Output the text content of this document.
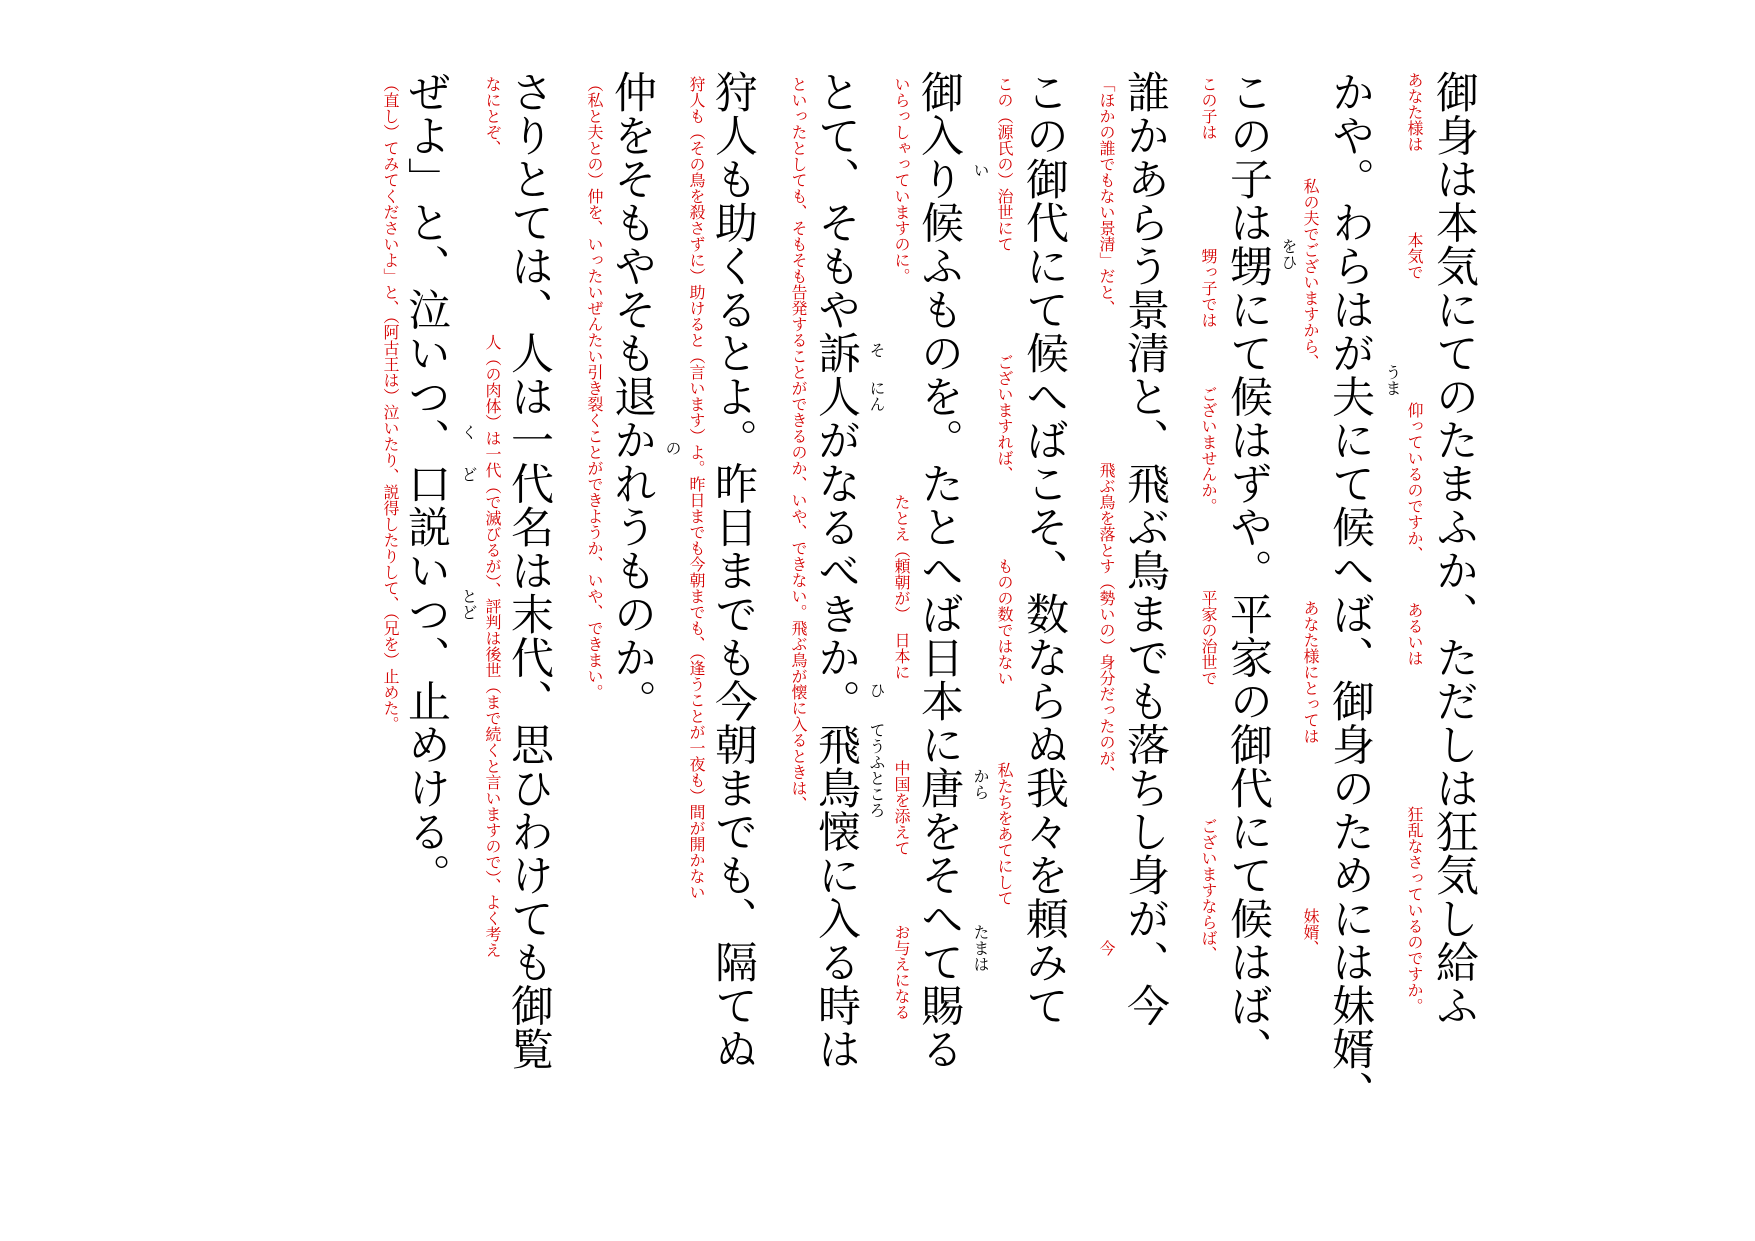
御身は本気にてのたまふか、ただしは狂気し給ふ
かや。わらはが夫にて候へば、御身のためには妹婿、
この子は甥にて候はずや。平家の御代にて候はば、
誰かあらう景清と、飛ぶ鳥までも落ちし身が、今
この御代にて候へばこそ、数ならぬ我々を頼みて
御入り候ふものを。たとへば日本に唐をそへて賜る
とて、そもや訴人がなるべきか。飛鳥懐に入る時は
狩人も助くるとよ。昨日までも今朝までも、隔てぬ
仲をそもやそも退かれうものか。
さりとては、人は一代名は末代、思ひわけても御覧
ぜよ」と、泣いつ、口説いつ、止めける。	あなた様は
本気で
仰っているのですか、
あるいは
狂乱なさっているのですか。
私の夫でございますから、
あなた様にとっては
妹婿、
この子は
甥っ子では
ございませんか。
平家の治世で
ございますならば、
「ほかの誰でもない景清」だと、
飛ぶ鳥を落とす（勢いの）身分だったのが、
今
この（源氏の）治世にて
ございますれば、
ものの数ではない
私たちをあてにして
いらっしゃっていますのに。
たとえ（頼朝が）
日本に
中国を添えて
お与えになる
といったとしても、そもそも告発することができるのか、いや、できない。飛ぶ鳥が懐に入るときは、
狩人も（その鳥を殺さずに）助けると（言います）よ。昨日までも今朝までも、（逢うことが一夜も）間が開かない
（私と夫との）仲を、いったいぜんたい引き裂くことができようか、いや、できまい。
なにとぞ、
人（の肉体）は一代（で滅びるが）、評判は後世（まで続くと言いますので）、よく考え
（直し）てみてくださいよ」と、（阿古王は）泣いたり、説得したりして、（兄を）止めた。	うま
をひ
い
から
たまは
そ
にん
ひ
てうふところ
の
く
ど
とど
